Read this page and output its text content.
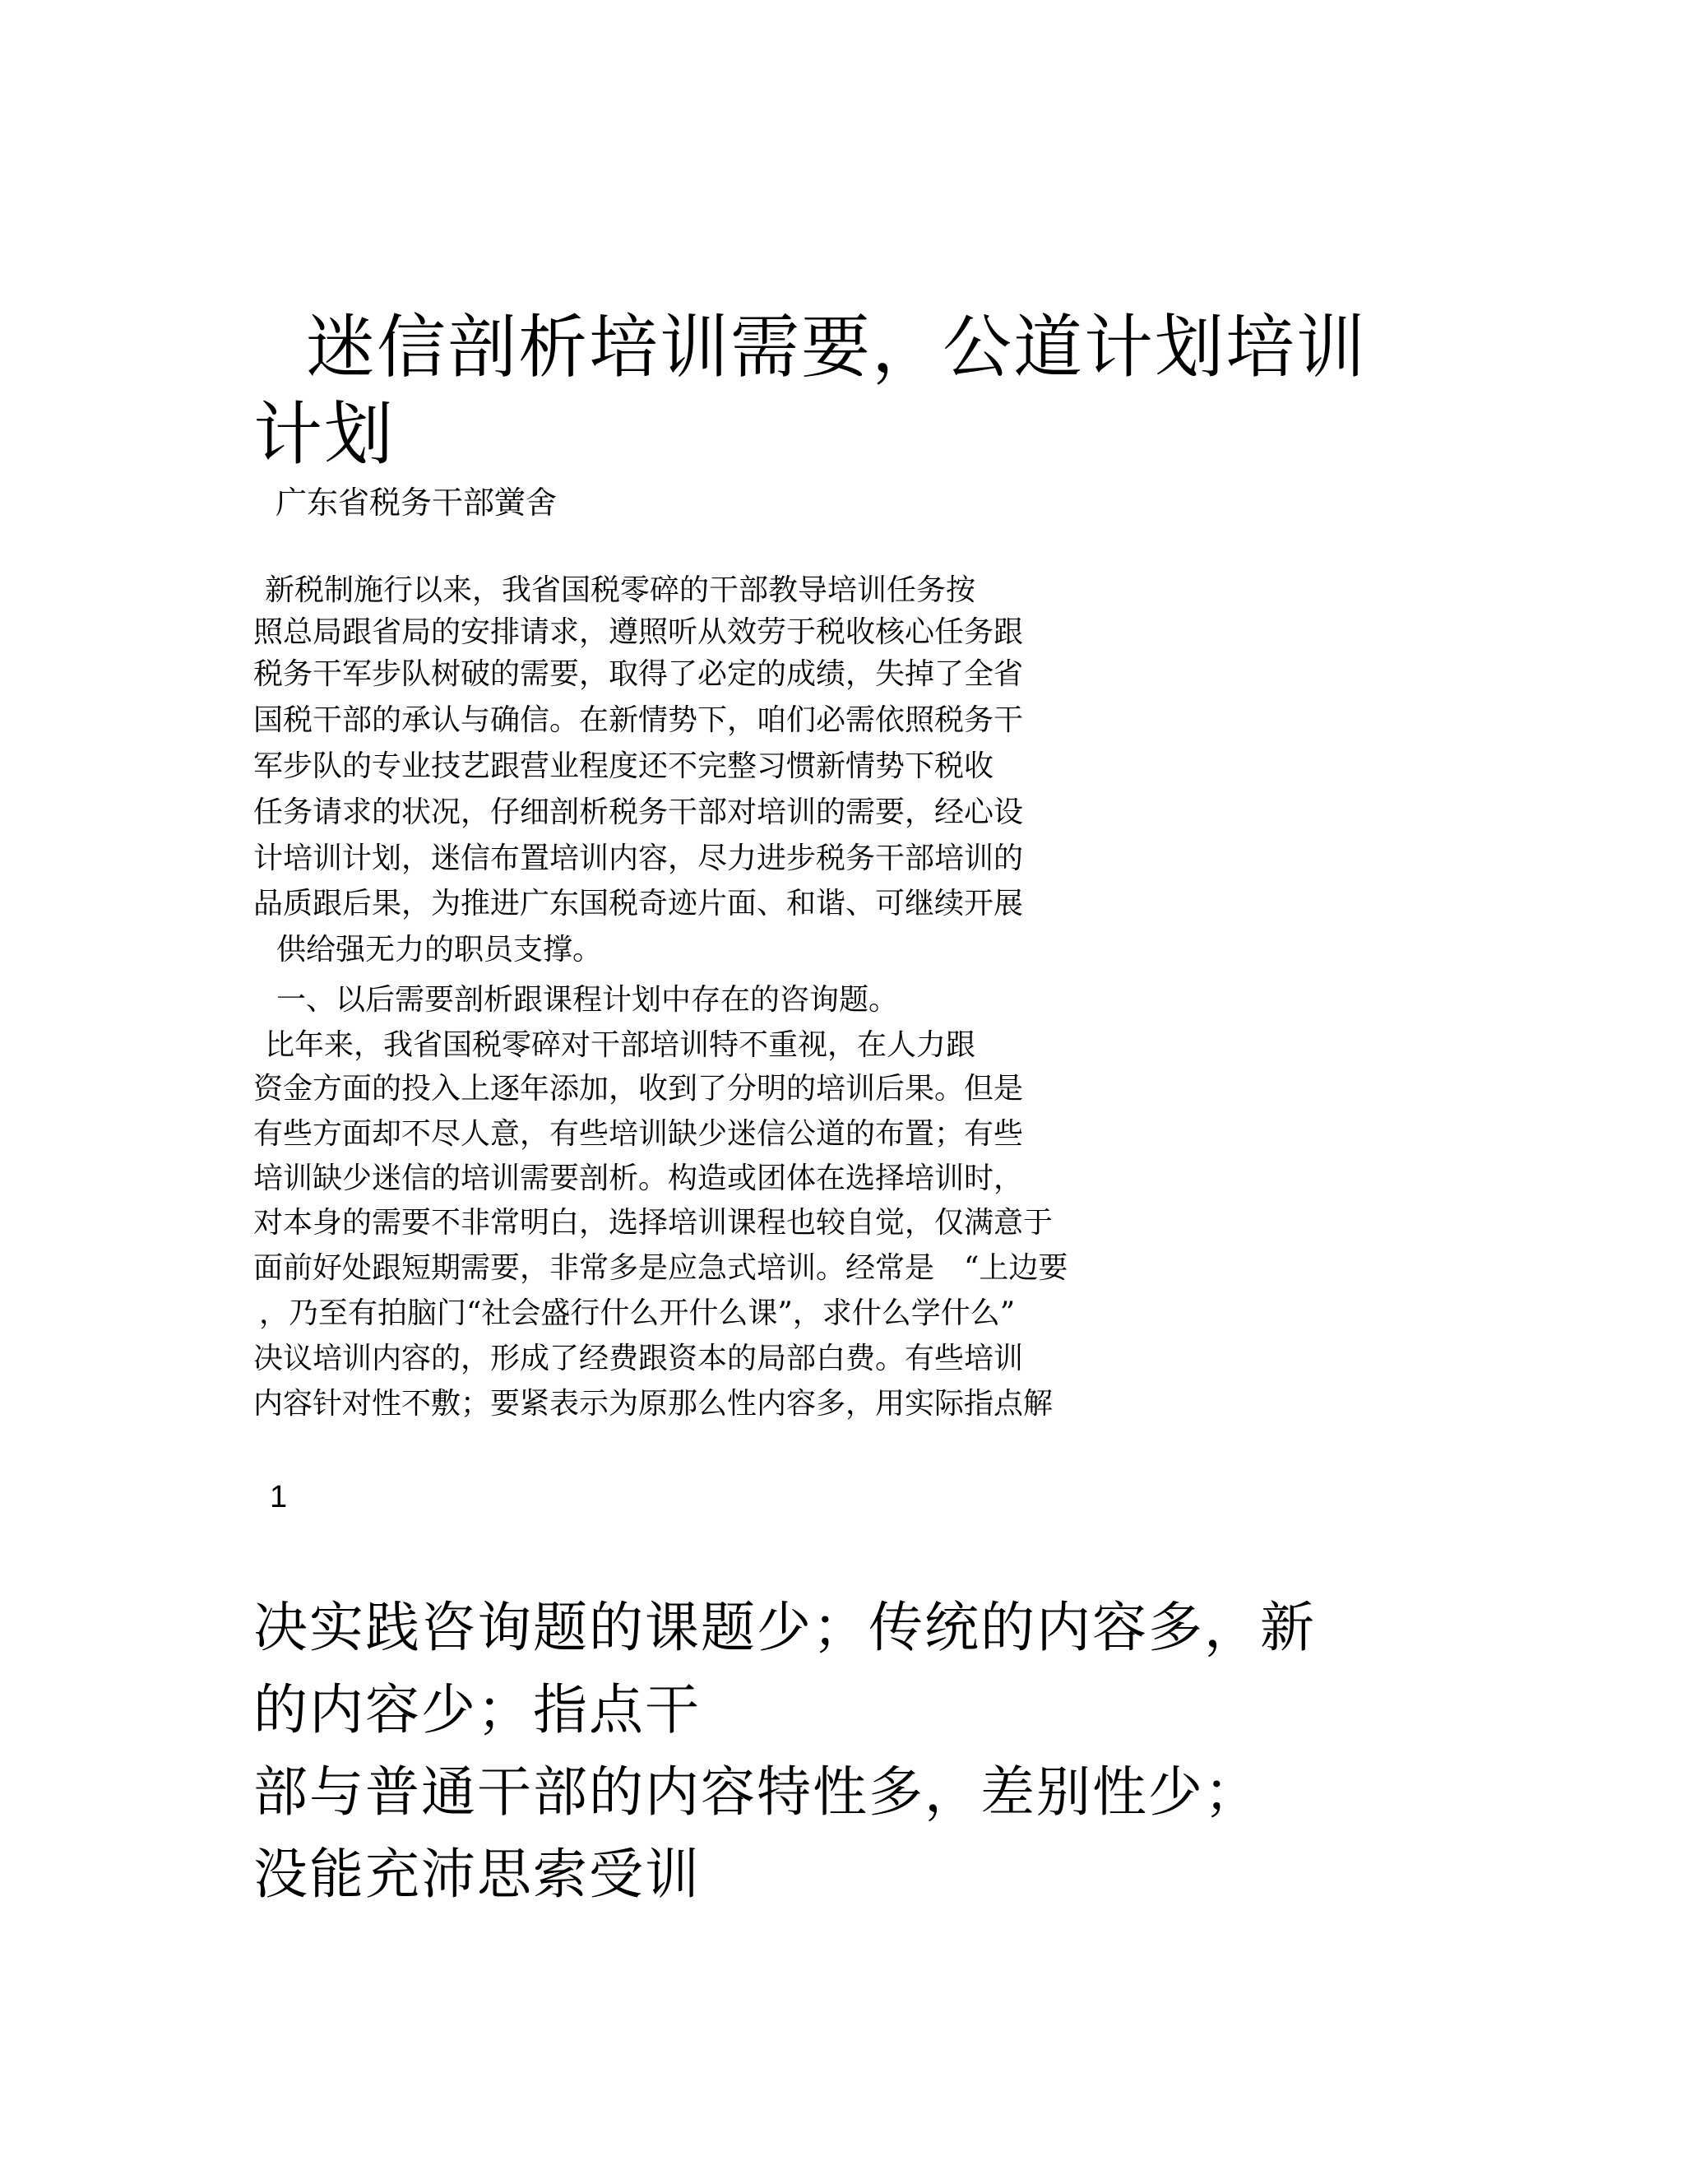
迷信剖析培训需要，公道计划培训
计划
广东省税务干部黉舍
新税制施行以来，我省国税零碎的干部教导培训任务按
照总局跟省局的安排请求，遵照听从效劳于税收核心任务跟
税务干军步队树破的需要，取得了必定的成绩，失掉了全省
国税干部的承认与确信。在新情势下，咱们必需依照税务干
军步队的专业技艺跟营业程度还不完整习惯新情势下税收
任务请求的状况，仔细剖析税务干部对培训的需要，经心设
计培训计划，迷信布置培训内容，尽力进步税务干部培训的
品质跟后果，为推进广东国税奇迹片面、和谐、可继续开展
供给强无力的职员支撑。
一、以后需要剖析跟课程计划中存在的咨询题。
比年来，我省国税零碎对干部培训特不重视，在人力跟
资金方面的投入上逐年添加，收到了分明的培训后果。但是
有些方面却不尽人意，有些培训缺少迷信公道的布置；有些
培训缺少迷信的培训需要剖析。构造或团体在选择培训时，
对本身的需要不非常明白，选择培训课程也较自觉，仅满意于
面前好处跟短期需要，非常多是应急式培训。经常是　“上边要
，乃至有拍脑门“社会盛行什么开什么课”，求什么学什么”
决议培训内容的，形成了经费跟资本的局部白费。有些培训
内容针对性不敷；要紧表示为原那么性内容多，用实际指点解
1
决实践咨询题的课题少；传统的内容多，新
的内容少；指点干
部与普通干部的内容特性多，差别性少；
没能充沛思索受训
